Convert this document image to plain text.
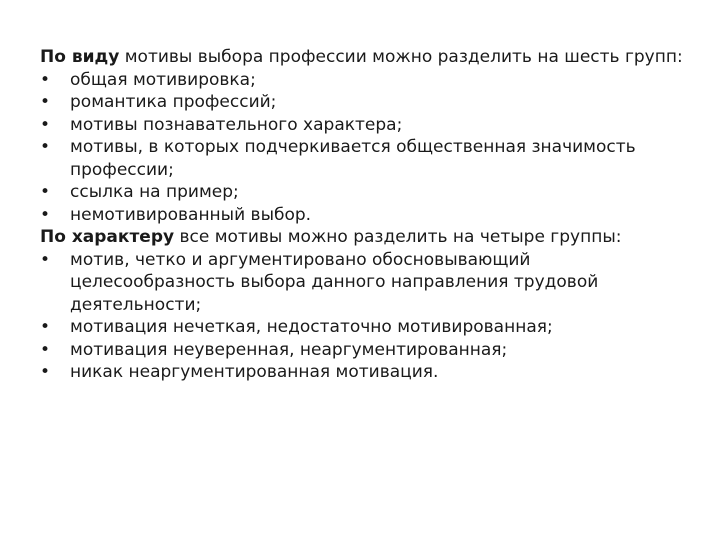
По виду мотивы выбора профессии можно разделить на шесть групп:

•	общая мотивировка;
•	романтика профессий;
•	мотивы познавательного характера;
•	мотивы, в которых подчеркивается общественная значимость профессии;
•	ссылка на пример;
•	немотивированный выбор.

По характеру все мотивы можно разделить на четыре группы:

•	мотив, четко и аргументировано обосновывающий целесообразность выбора данного направления трудовой деятельности;
•	мотивация нечеткая, недостаточно мотивированная;
•	мотивация неуверенная, неаргументированная;
•	никак неаргументированная мотивация.
